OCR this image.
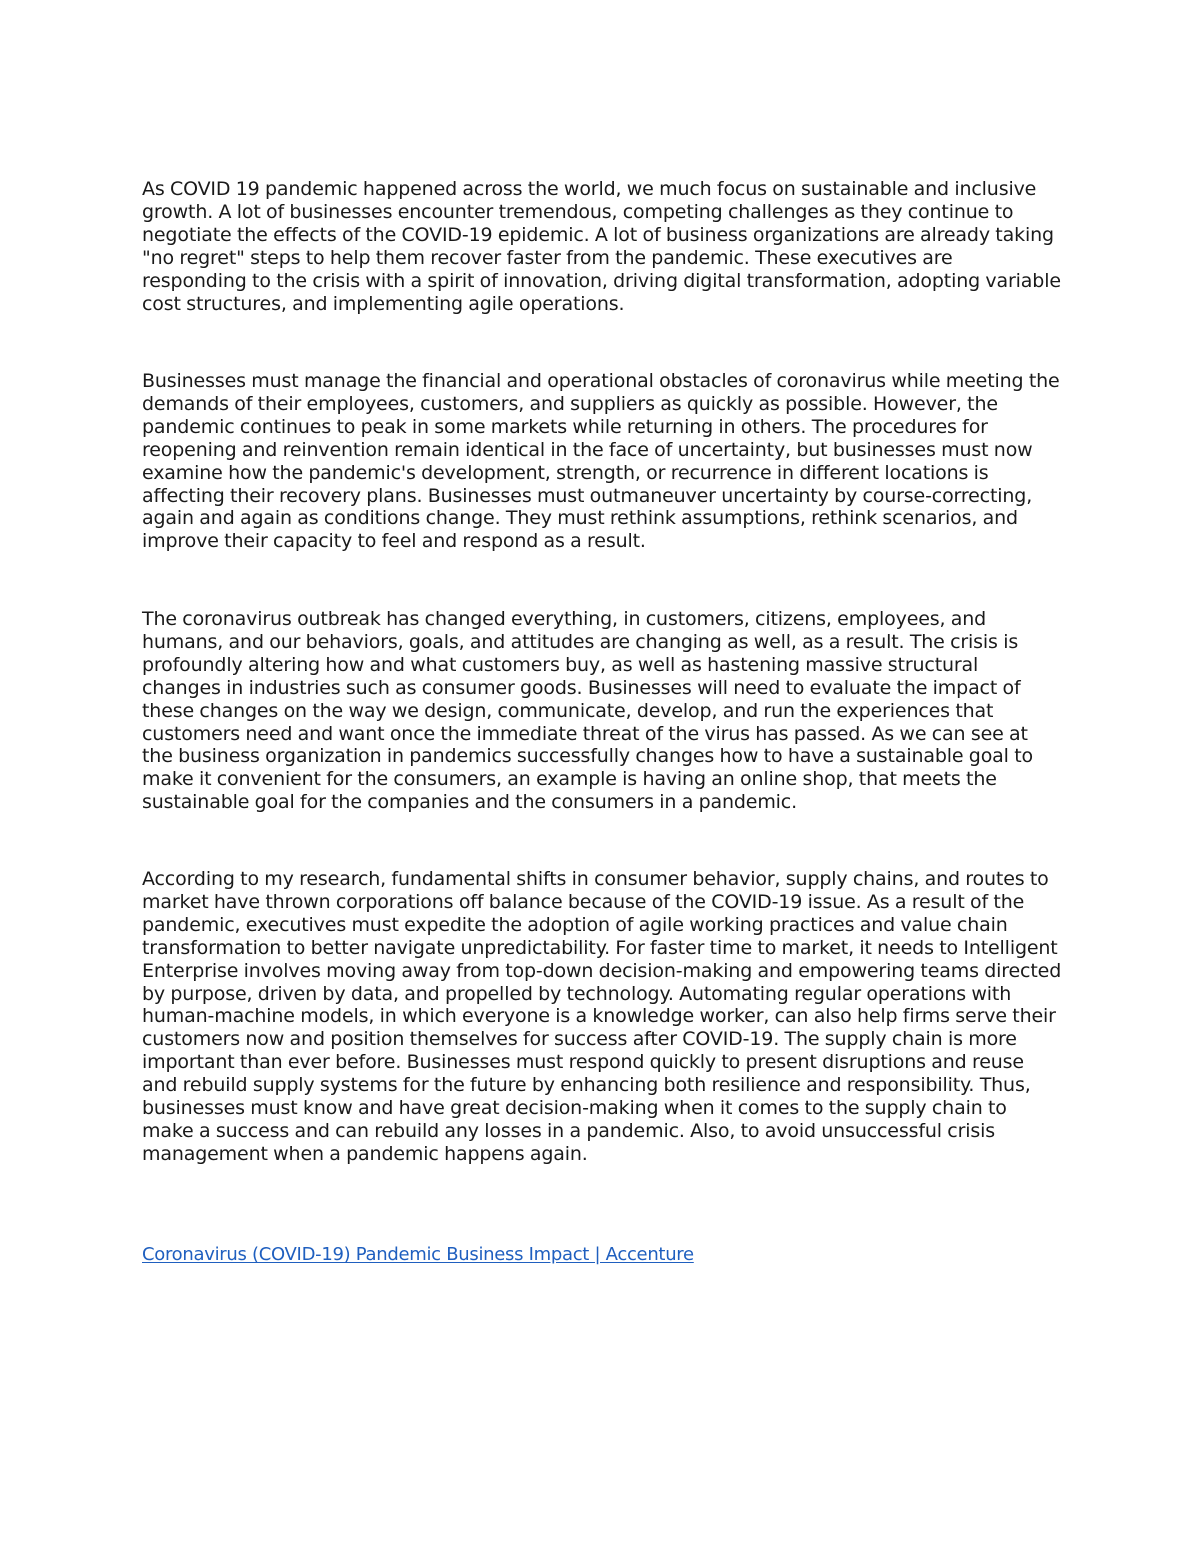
As COVID 19 pandemic happened across the world, we much focus on sustainable and inclusive growth. A lot of businesses encounter tremendous, competing challenges as they continue to negotiate the effects of the COVID-19 epidemic. A lot of business organizations are already taking "no regret" steps to help them recover faster from the pandemic. These executives are responding to the crisis with a spirit of innovation, driving digital transformation, adopting variable cost structures, and implementing agile operations.

Businesses must manage the financial and operational obstacles of coronavirus while meeting the demands of their employees, customers, and suppliers as quickly as possible. However, the pandemic continues to peak in some markets while returning in others. The procedures for reopening and reinvention remain identical in the face of uncertainty, but businesses must now examine how the pandemic's development, strength, or recurrence in different locations is affecting their recovery plans. Businesses must outmaneuver uncertainty by course-correcting, again and again as conditions change. They must rethink assumptions, rethink scenarios, and improve their capacity to feel and respond as a result.

The coronavirus outbreak has changed everything, in customers, citizens, employees, and humans, and our behaviors, goals, and attitudes are changing as well, as a result. The crisis is profoundly altering how and what customers buy, as well as hastening massive structural changes in industries such as consumer goods. Businesses will need to evaluate the impact of these changes on the way we design, communicate, develop, and run the experiences that customers need and want once the immediate threat of the virus has passed. As we can see at the business organization in pandemics successfully changes how to have a sustainable goal to make it convenient for the consumers, an example is having an online shop, that meets the sustainable goal for the companies and the consumers in a pandemic.

According to my research, fundamental shifts in consumer behavior, supply chains, and routes to market have thrown corporations off balance because of the COVID-19 issue. As a result of the pandemic, executives must expedite the adoption of agile working practices and value chain transformation to better navigate unpredictability. For faster time to market, it needs to Intelligent Enterprise involves moving away from top-down decision-making and empowering teams directed by purpose, driven by data, and propelled by technology. Automating regular operations with human-machine models, in which everyone is a knowledge worker, can also help firms serve their customers now and position themselves for success after COVID-19. The supply chain is more important than ever before. Businesses must respond quickly to present disruptions and reuse and rebuild supply systems for the future by enhancing both resilience and responsibility. Thus, businesses must know and have great decision-making when it comes to the supply chain to make a success and can rebuild any losses in a pandemic. Also, to avoid unsuccessful crisis management when a pandemic happens again.

Coronavirus (COVID-19) Pandemic Business Impact | Accenture
